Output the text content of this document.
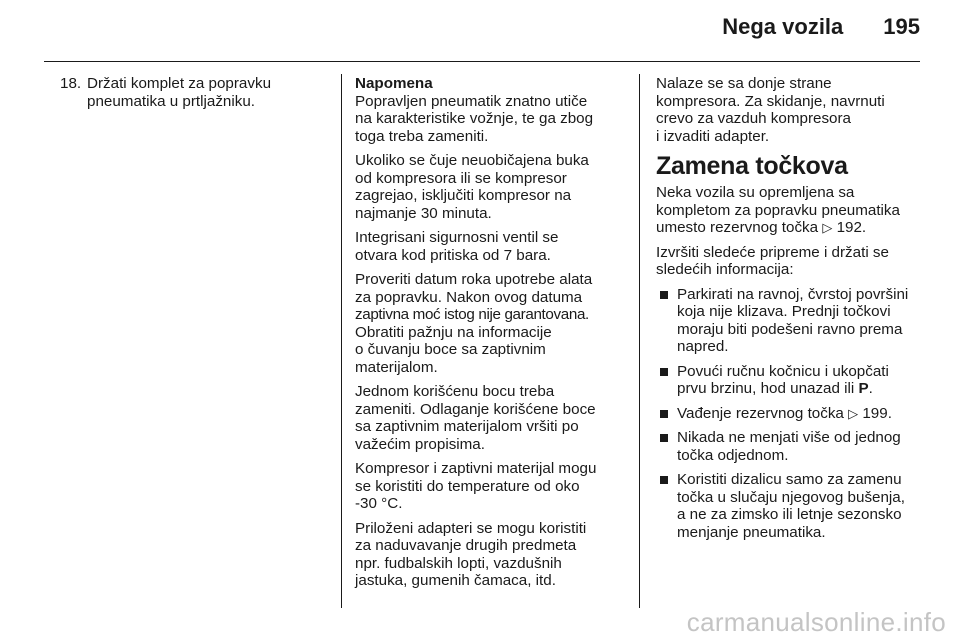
Nega vozila 195
18. Držati komplet za popravku
pneumatika u prtljažniku.
Napomena

Popravljen pneumatik znatno utiče
na karakteristike vožnje, te ga zbog
toga treba zameniti.

Ukoliko se čuje neuobičajena buka
od kompresora ili se kompresor
zagrejao, isključiti kompresor na
najmanje 30 minuta.

Integrisani sigurnosni ventil se
otvara kod pritiska od 7 bara.

Proveriti datum roka upotrebe alata
za popravku. Nakon ovog datuma
zaptivna moć istog nije garantovana.
Obratiti pažnju na informacije
o čuvanju boce sa zaptivnim
materijalom.

Jednom korišćenu bocu treba
zameniti. Odlaganje korišćene boce
sa zaptivnim materijalom vršiti po
važećim propisima.

Kompresor i zaptivni materijal mogu
se koristiti do temperature od oko
-30 °C.

Priloženi adapteri se mogu koristiti
za naduvavanje drugih predmeta
npr. fudbalskih lopti, vazdušnih
jastuka, gumenih čamaca, itd.

Nalaze se sa donje strane
kompresora. Za skidanje, navrnuti
crevo za vazduh kompresora
i izvaditi adapter.

Zamena točkova

Neka vozila su opremljena sa
kompletom za popravku pneumatika
umesto rezervnog točka ▷ 192.

Izvršiti sledeće pripreme i držati se
sledećih informacija:

Parkirati na ravnoj, čvrstoj površini
koja nije klizava. Prednji točkovi
moraju biti podešeni ravno prema
napred.
Povući ručnu kočnicu i ukopčati
prvu brzinu, hod unazad ili P.
Vađenje rezervnog točka ▷ 199.
Nikada ne menjati više od jednog
točka odjednom.
Koristiti dizalicu samo za zamenu
točka u slučaju njegovog bušenja,
a ne za zimsko ili letnje sezonsko
menjanje pneumatika.
carmanualsonline.info
